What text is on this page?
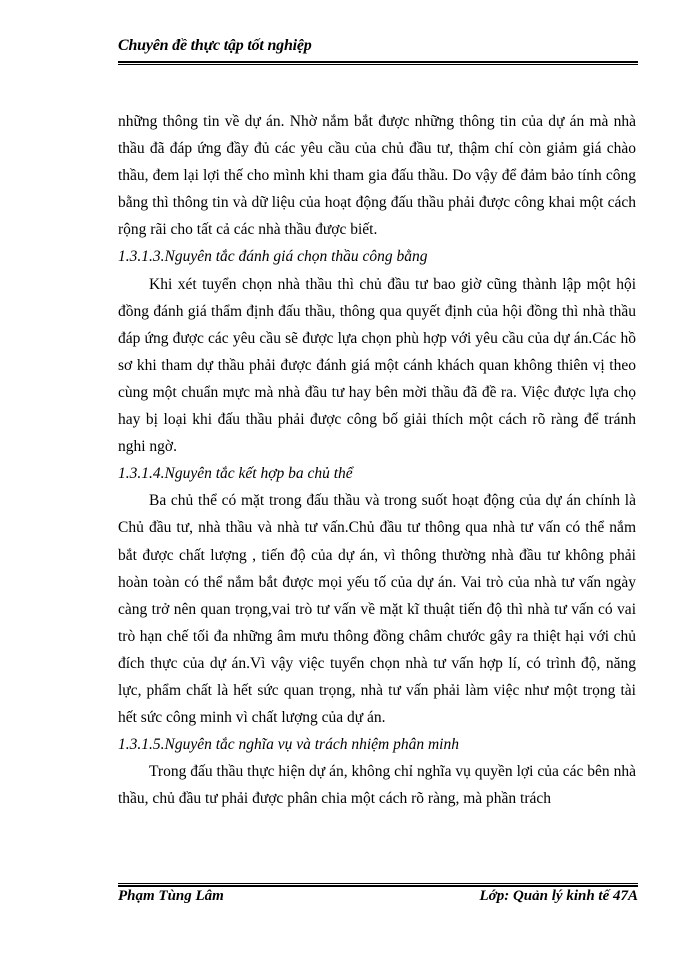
Chuyên đề thực tập tốt nghiệp

những thông tin về dự án. Nhờ nắm bắt được những thông tin của dự án mà nhà thầu đã đáp ứng đầy đủ các yêu cầu của chủ đầu tư, thậm chí còn giảm giá chào thầu, đem lại lợi thế cho mình khi tham gia đấu thầu. Do vậy để đảm bảo tính công bằng thì thông tin và dữ liệu của hoạt động đấu thầu phải được công khai một cách rộng rãi cho tất cả các nhà thầu được biết.

1.3.1.3.Nguyên tắc đánh giá chọn thầu công bằng

Khi xét tuyển chọn nhà thầu thì chủ đầu tư bao giờ cũng thành lập một hội đồng đánh giá thẩm định đấu thầu, thông qua quyết định của hội đồng thì nhà thầu đáp ứng được các yêu cầu sẽ được lựa chọn phù hợp với yêu cầu của dự án.Các hồ sơ khi tham dự thầu phải được đánh giá một cánh khách quan không thiên vị theo cùng một chuẩn mực mà nhà đầu tư hay bên mời thầu đã đề ra. Việc được lựa chọ hay bị loại khi đấu thầu phải được công bố giải thích một cách rõ ràng để tránh nghi ngờ.

1.3.1.4.Nguyên tắc kết hợp ba chủ thể

Ba chủ thể có mặt trong đấu thầu và trong suốt hoạt động của dự án chính là Chủ đầu tư, nhà thầu và nhà tư vấn.Chủ đầu tư thông qua nhà tư vấn có thể nắm bắt được chất lượng , tiến độ của dự án, vì thông thường nhà đầu tư không phải hoàn toàn có thể nắm bắt được mọi yếu tố của dự án. Vai trò của nhà tư vấn ngày càng trở nên quan trọng,vai trò tư vấn về mặt kĩ thuật tiến độ thì nhà tư vấn có vai trò hạn chế tối đa những âm mưu thông đồng châm chước gây ra thiệt hại với chủ đích thực của dự án.Vì vậy việc tuyển chọn nhà tư vấn hợp lí, có trình độ, năng lực, phẩm chất là hết sức quan trọng, nhà tư vấn phải làm việc như một trọng tài hết sức công minh vì chất lượng của dự án.

1.3.1.5.Nguyên tắc nghĩa vụ và trách nhiệm phân minh

Trong đấu thầu thực hiện dự án, không chỉ nghĩa vụ quyền lợi của các bên nhà thầu, chủ đầu tư phải được phân chia một cách rõ ràng, mà phần trách

Phạm Tùng Lâm	Lớp: Quản lý kinh tế 47A
